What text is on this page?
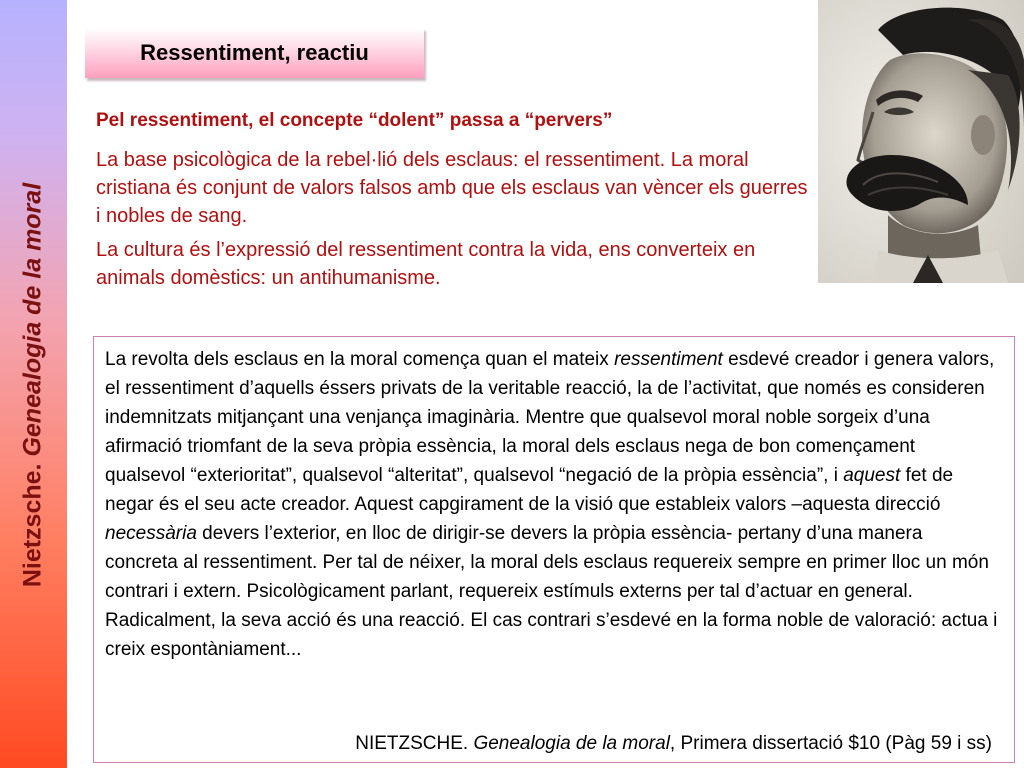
Nietzsche. Genealogia de la moral
Ressentiment, reactiu
Pel ressentiment, el concepte “dolent” passa a “pervers”
La base psicològica de la rebel·lió dels esclaus: el ressentiment. La moral cristiana és conjunt de valors falsos amb que els esclaus van vèncer els guerres i nobles de sang.
La cultura és l’expressió del ressentiment contra la vida, ens converteix en animals domèstics: un antihumanisme.
La revolta dels esclaus en la moral comença quan el mateix ressentiment esdevé creador i genera valors, el ressentiment d’aquells éssers privats de la veritable reacció, la de l’activitat, que només es consideren indemnitzats mitjançant una venjança imaginària. Mentre que qualsevol moral noble sorgeix d’una afirmació triomfant de la seva pròpia essència, la moral dels esclaus nega de bon començament qualsevol “exterioritat”, qualsevol “alteritat”, qualsevol “negació de la pròpia essència”, i aquest fet de negar és el seu acte creador. Aquest capgirament de la visió que estableix valors –aquesta direcció necessària devers l’exterior, en lloc de dirigir-se devers la pròpia essència- pertany d’una manera concreta al ressentiment. Per tal de néixer, la moral dels esclaus requereix sempre en primer lloc un món contrari i extern. Psicològicament parlant, requereix estímuls externs per tal d’actuar en general. Radicalment, la seva acció és una reacció. El cas contrari s’esdevé en la forma noble de valoració: actua i creix espontàniament...
NIETZSCHE. Genealogia de la moral, Primera dissertació $10 (Pàg 59 i ss)
